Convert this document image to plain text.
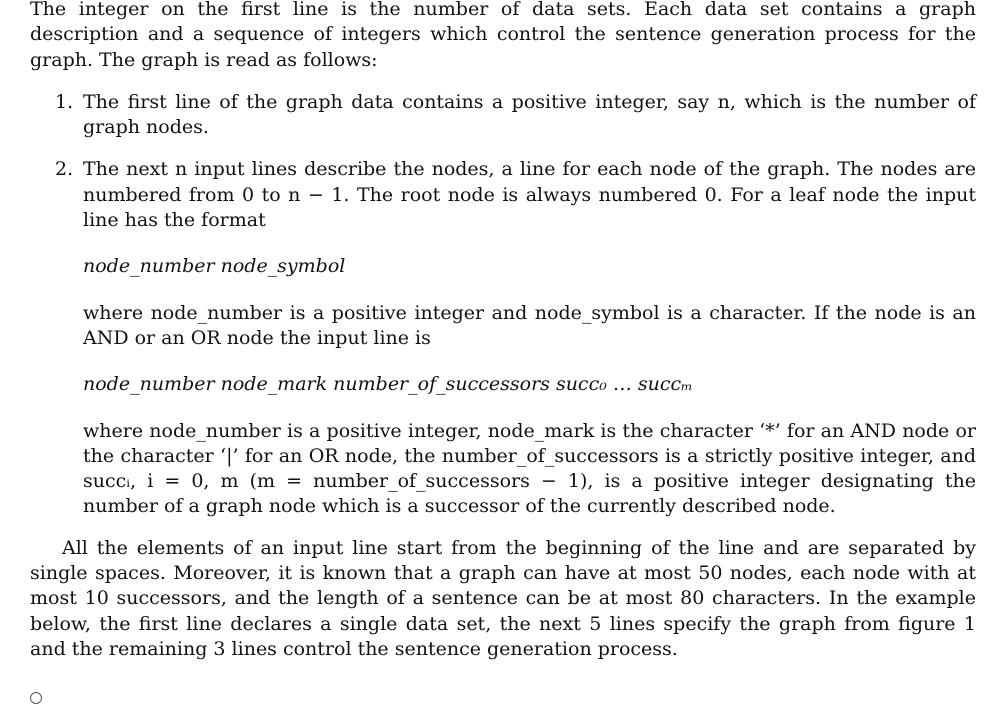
The integer on the first line is the number of data sets. Each data set contains a graph description and a sequence of integers which control the sentence generation process for the graph. The graph is read as follows:

1. The first line of the graph data contains a positive integer, say n, which is the number of graph nodes.

2. The next n input lines describe the nodes, a line for each node of the graph. The nodes are numbered from 0 to n − 1. The root node is always numbered 0. For a leaf node the input line has the format

node_number node_symbol

where node_number is a positive integer and node_symbol is a character. If the node is an AND or an OR node the input line is

node_number node_mark number_of_successors succ₀ … succₘ

where node_number is a positive integer, node_mark is the character ‘*’ for an AND node or the character ‘|’ for an OR node, the number_of_successors is a strictly positive integer, and succᵢ, i = 0, m (m = number_of_successors − 1), is a positive integer designating the number of a graph node which is a successor of the currently described node.

All the elements of an input line start from the beginning of the line and are separated by single spaces. Moreover, it is known that a graph can have at most 50 nodes, each node with at most 10 successors, and the length of a sentence can be at most 80 characters. In the example below, the first line declares a single data set, the next 5 lines specify the graph from figure 1 and the remaining 3 lines control the sentence generation process.
